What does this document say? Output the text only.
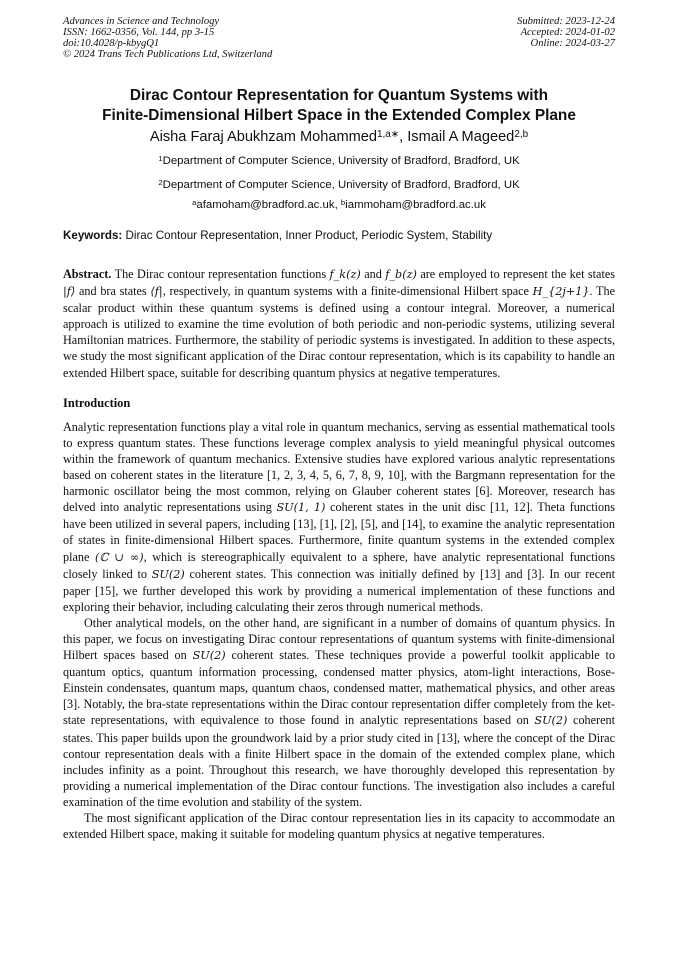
Advances in Science and Technology
ISSN: 1662-0356, Vol. 144, pp 3-15
doi:10.4028/p-kbygQ1
© 2024 Trans Tech Publications Ltd, Switzerland
Submitted: 2023-12-24
Accepted: 2024-01-02
Online: 2024-03-27
Dirac Contour Representation for Quantum Systems with
Finite-Dimensional Hilbert Space in the Extended Complex Plane
Aisha Faraj Abukhzam Mohammed$^{1,a∗}$, Ismail A Mageed$^{2,b}$
$^1$Department of Computer Science, University of Bradford, Bradford, UK
$^2$Department of Computer Science, University of Bradford, Bradford, UK
$^a$afamoham@bradford.ac.uk, $^b$iammoham@bradford.ac.uk
Keywords: Dirac Contour Representation, Inner Product, Periodic System, Stability

Abstract. The Dirac contour representation functions f_k(z) and f_b(z) are employed to represent the ket states |f⟩ and bra states ⟨f|, respectively, in quantum systems with a finite-dimensional Hilbert space H_{2j+1}. The scalar product within these quantum systems is defined using a contour integral. Moreover, a numerical approach is utilized to examine the time evolution of both periodic and non-periodic systems, utilizing several Hamiltonian matrices. Furthermore, the stability of periodic systems is investigated. In addition to these aspects, we study the most significant application of the Dirac contour representation, which is its capability to handle an extended Hilbert space, suitable for describing quantum physics at negative temperatures.

Introduction

Analytic representation functions play a vital role in quantum mechanics, serving as essential mathematical tools to express quantum states. These functions leverage complex analysis to yield meaningful physical outcomes within the framework of quantum mechanics. Extensive studies have explored various analytic representations based on coherent states in the literature [1, 2, 3, 4, 5, 6, 7, 8, 9, 10], with the Bargmann representation for the harmonic oscillator being the most common, relying on Glauber coherent states [6]. Moreover, research has delved into analytic representations using SU(1, 1) coherent states in the unit disc [11, 12]. Theta functions have been utilized in several papers, including [13], [1], [2], [5], and [14], to examine the analytic representation of states in finite-dimensional Hilbert spaces. Furthermore, finite quantum systems in the extended complex plane (ℂ ∪ ∞), which is stereographically equivalent to a sphere, have analytic representational functions closely linked to SU(2) coherent states. This connection was initially defined by [13] and [3]. In our recent paper [15], we further developed this work by providing a numerical implementation of these functions and exploring their behavior, including calculating their zeros through numerical methods.

Other analytical models, on the other hand, are significant in a number of domains of quantum physics. In this paper, we focus on investigating Dirac contour representations of quantum systems with finite-dimensional Hilbert spaces based on SU(2) coherent states. These techniques provide a powerful toolkit applicable to quantum optics, quantum information processing, condensed matter physics, atom-light interactions, Bose-Einstein condensates, quantum maps, quantum chaos, condensed matter, mathematical physics, and other areas [3]. Notably, the bra-state representations within the Dirac contour representation differ completely from the ket-state representations, with equivalence to those found in analytic representations based on SU(2) coherent states. This paper builds upon the groundwork laid by a prior study cited in [13], where the concept of the Dirac contour representation deals with a finite Hilbert space in the domain of the extended complex plane, which includes infinity as a point. Throughout this research, we have thoroughly developed this representation by providing a numerical implementation of the Dirac contour functions. The investigation also includes a careful examination of the time evolution and stability of the system.

The most significant application of the Dirac contour representation lies in its capacity to accommodate an extended Hilbert space, making it suitable for modeling quantum physics at negative temperatures.
